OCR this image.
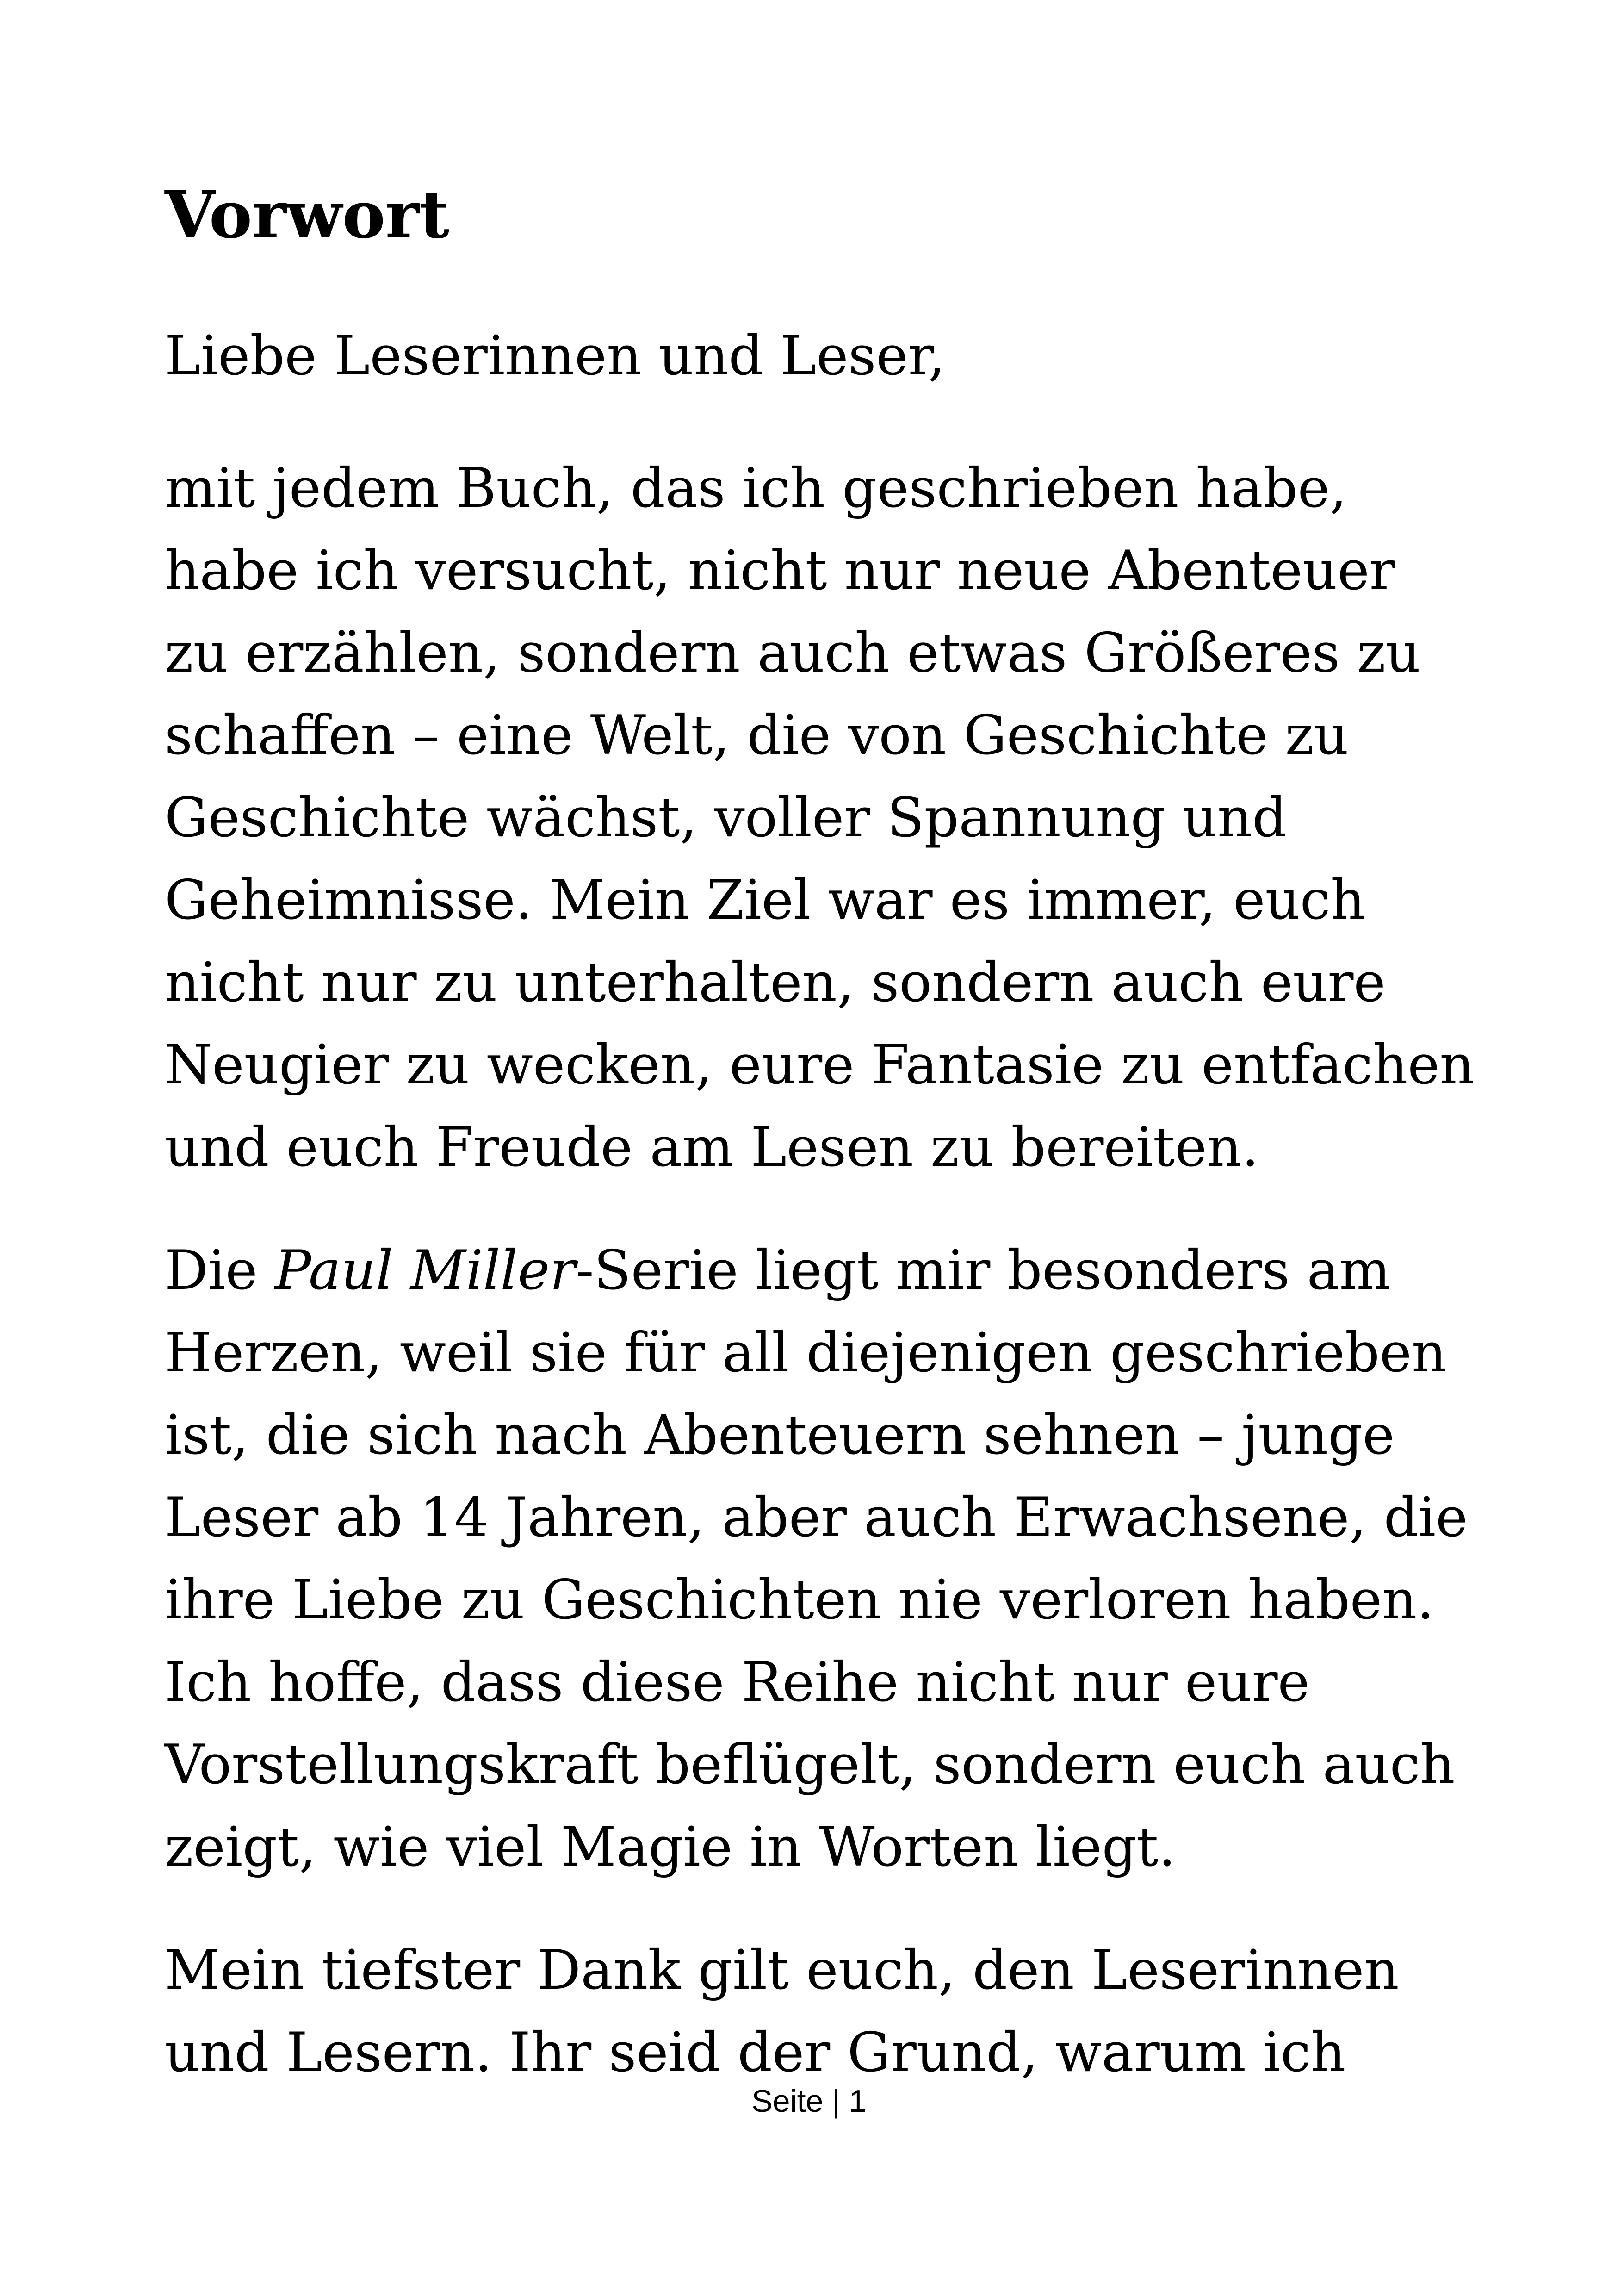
Vorwort

Liebe Leserinnen und Leser,

mit jedem Buch, das ich geschrieben habe,
habe ich versucht, nicht nur neue Abenteuer
zu erzählen, sondern auch etwas Größeres zu
schaffen – eine Welt, die von Geschichte zu
Geschichte wächst, voller Spannung und
Geheimnisse. Mein Ziel war es immer, euch
nicht nur zu unterhalten, sondern auch eure
Neugier zu wecken, eure Fantasie zu entfachen
und euch Freude am Lesen zu bereiten.

Die Paul Miller-Serie liegt mir besonders am
Herzen, weil sie für all diejenigen geschrieben
ist, die sich nach Abenteuern sehnen – junge
Leser ab 14 Jahren, aber auch Erwachsene, die
ihre Liebe zu Geschichten nie verloren haben.
Ich hoffe, dass diese Reihe nicht nur eure
Vorstellungskraft beflügelt, sondern euch auch
zeigt, wie viel Magie in Worten liegt.

Mein tiefster Dank gilt euch, den Leserinnen
und Lesern. Ihr seid der Grund, warum ich

Seite | 1
